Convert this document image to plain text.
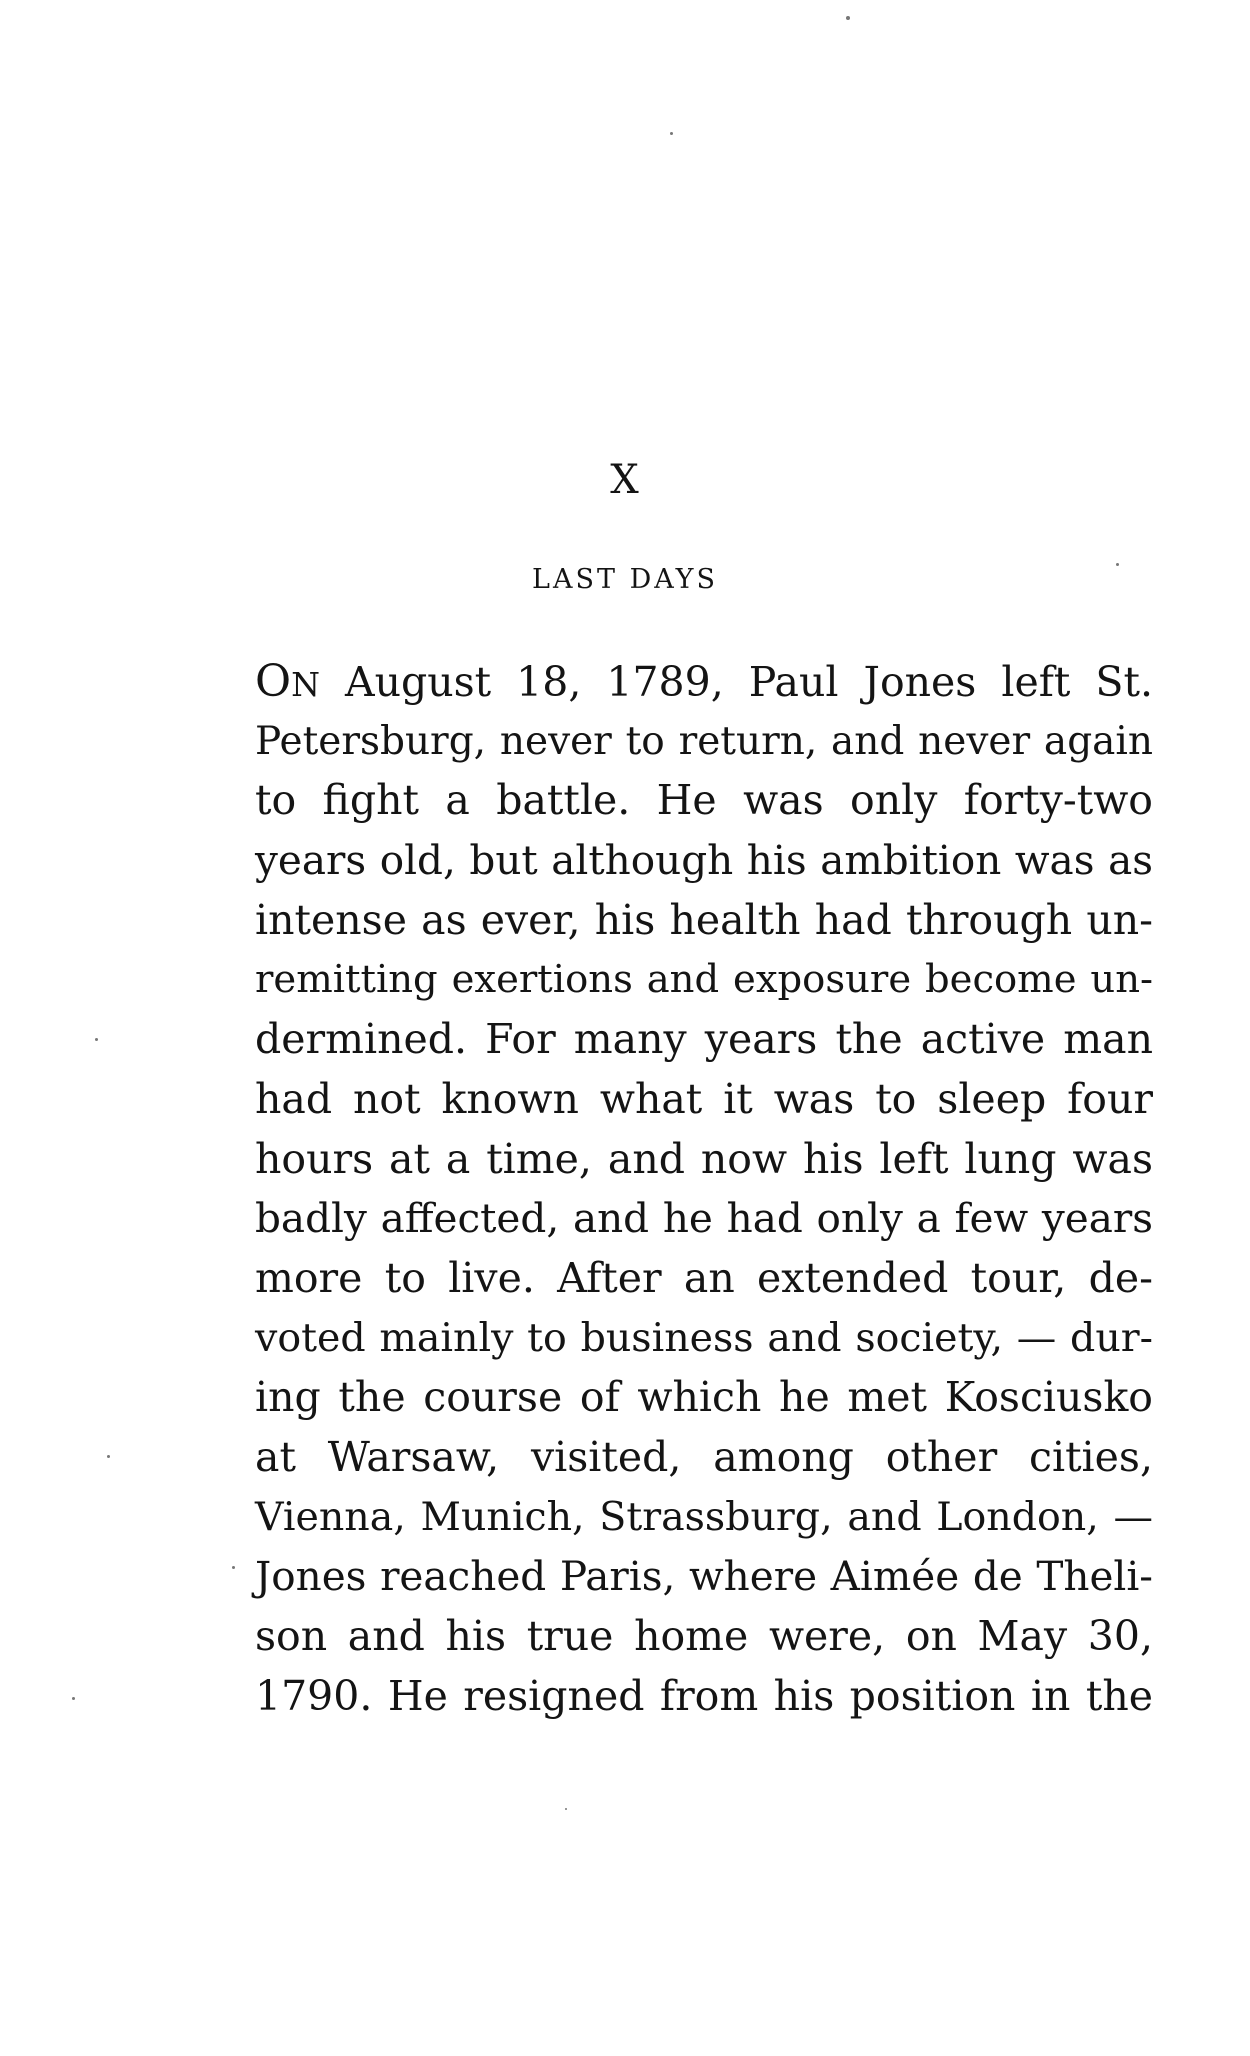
X
LAST DAYS
ON August 18, 1789, Paul Jones left St.
Petersburg, never to return, and never again
to fight a battle. He was only forty-two
years old, but although his ambition was as
intense as ever, his health had through un-
remitting exertions and exposure become un-
dermined. For many years the active man
had not known what it was to sleep four
hours at a time, and now his left lung was
badly affected, and he had only a few years
more to live. After an extended tour, de-
voted mainly to business and society, — dur-
ing the course of which he met Kosciusko
at Warsaw, visited, among other cities,
Vienna, Munich, Strassburg, and London, —
Jones reached Paris, where Aimée de Theli-
son and his true home were, on May 30,
1790. He resigned from his position in the
